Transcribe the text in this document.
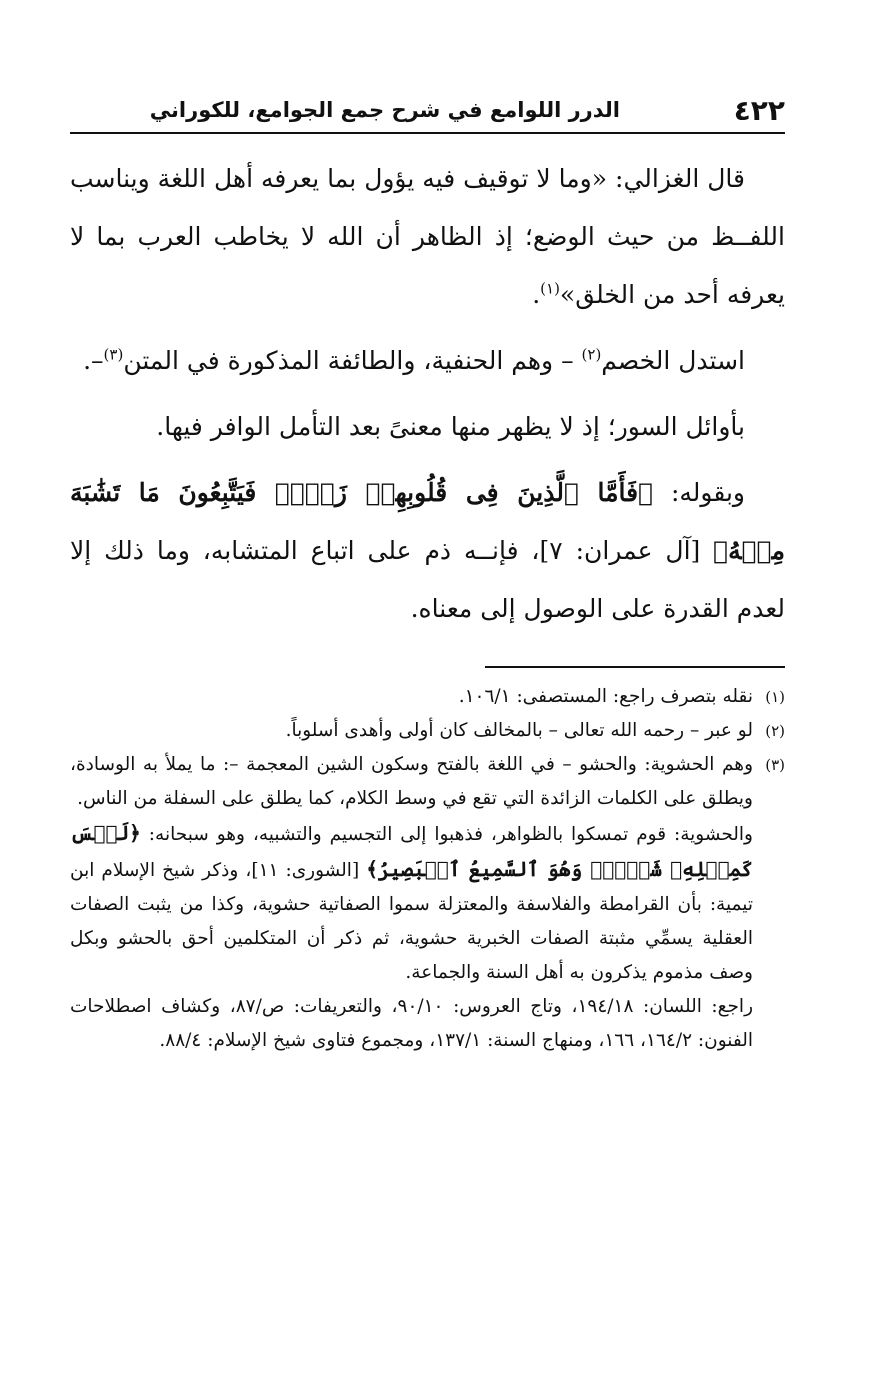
٤٢٢
الدرر اللوامع في شرح جمع الجوامع، للكوراني

قال الغزالي: «وما لا توقيف فيه يؤول بما يعرفه أهل اللغة ويناسب اللفــظ من حيث الوضع؛ إذ الظاهر أن الله لا يخاطب العرب بما لا يعرفه أحد من الخلق»$^{(١)}$.

استدل الخصم$^{(٢)}$ – وهم الحنفية، والطائفة المذكورة في المتن$^{(٣)}$–.

بأوائل السور؛ إذ لا يظهر منها معنىً بعد التأمل الوافر فيها.

وبقوله: ﴿فَأَمَّا ٱلَّذِينَ فِى قُلُوبِهِمۡ زَيۡغٞ فَيَتَّبِعُونَ مَا تَشَٰبَهَ مِنۡهُ﴾ [آل عمران: ٧]، فإنــه ذم على اتباع المتشابه، وما ذلك إلا لعدم القدرة على الوصول إلى معناه.

(١)
نقله بتصرف راجع: المستصفى: ١٠٦/١.
(٢)
لو عبر – رحمه الله تعالى – بالمخالف كان أولى وأهدى أسلوباً.
(٣)

وهم الحشوية: والحشو – في اللغة بالفتح وسكون الشين المعجمة –: ما يملأ به الوسادة، ويطلق على الكلمات الزائدة التي تقع في وسط الكلام، كما يطلق على السفلة من الناس.

والحشوية: قوم تمسكوا بالظواهر، فذهبوا إلى التجسيم والتشبيه، وهو سبحانه: ﴿لَيۡسَ كَمِثۡلِهِۦ شَيۡءٞۖ وَهُوَ ٱلسَّمِيعُ ٱلۡبَصِيرُ﴾ [الشورى: ١١]، وذكر شيخ الإسلام ابن تيمية: بأن القرامطة والفلاسفة والمعتزلة سموا الصفاتية حشوية، وكذا من يثبت الصفات العقلية يسمِّي مثبتة الصفات الخبرية حشوية، ثم ذكر أن المتكلمين أحق بالحشو وبكل وصف مذموم يذكرون به أهل السنة والجماعة.

راجع: اللسان: ١٩٤/١٨، وتاج العروس: ٩٠/١٠، والتعريفات: ص/٨٧، وكشاف اصطلاحات الفنون: ١٦٤/٢، ١٦٦، ومنهاج السنة: ١٣٧/١، ومجموع فتاوى شيخ الإسلام: ٨٨/٤.
